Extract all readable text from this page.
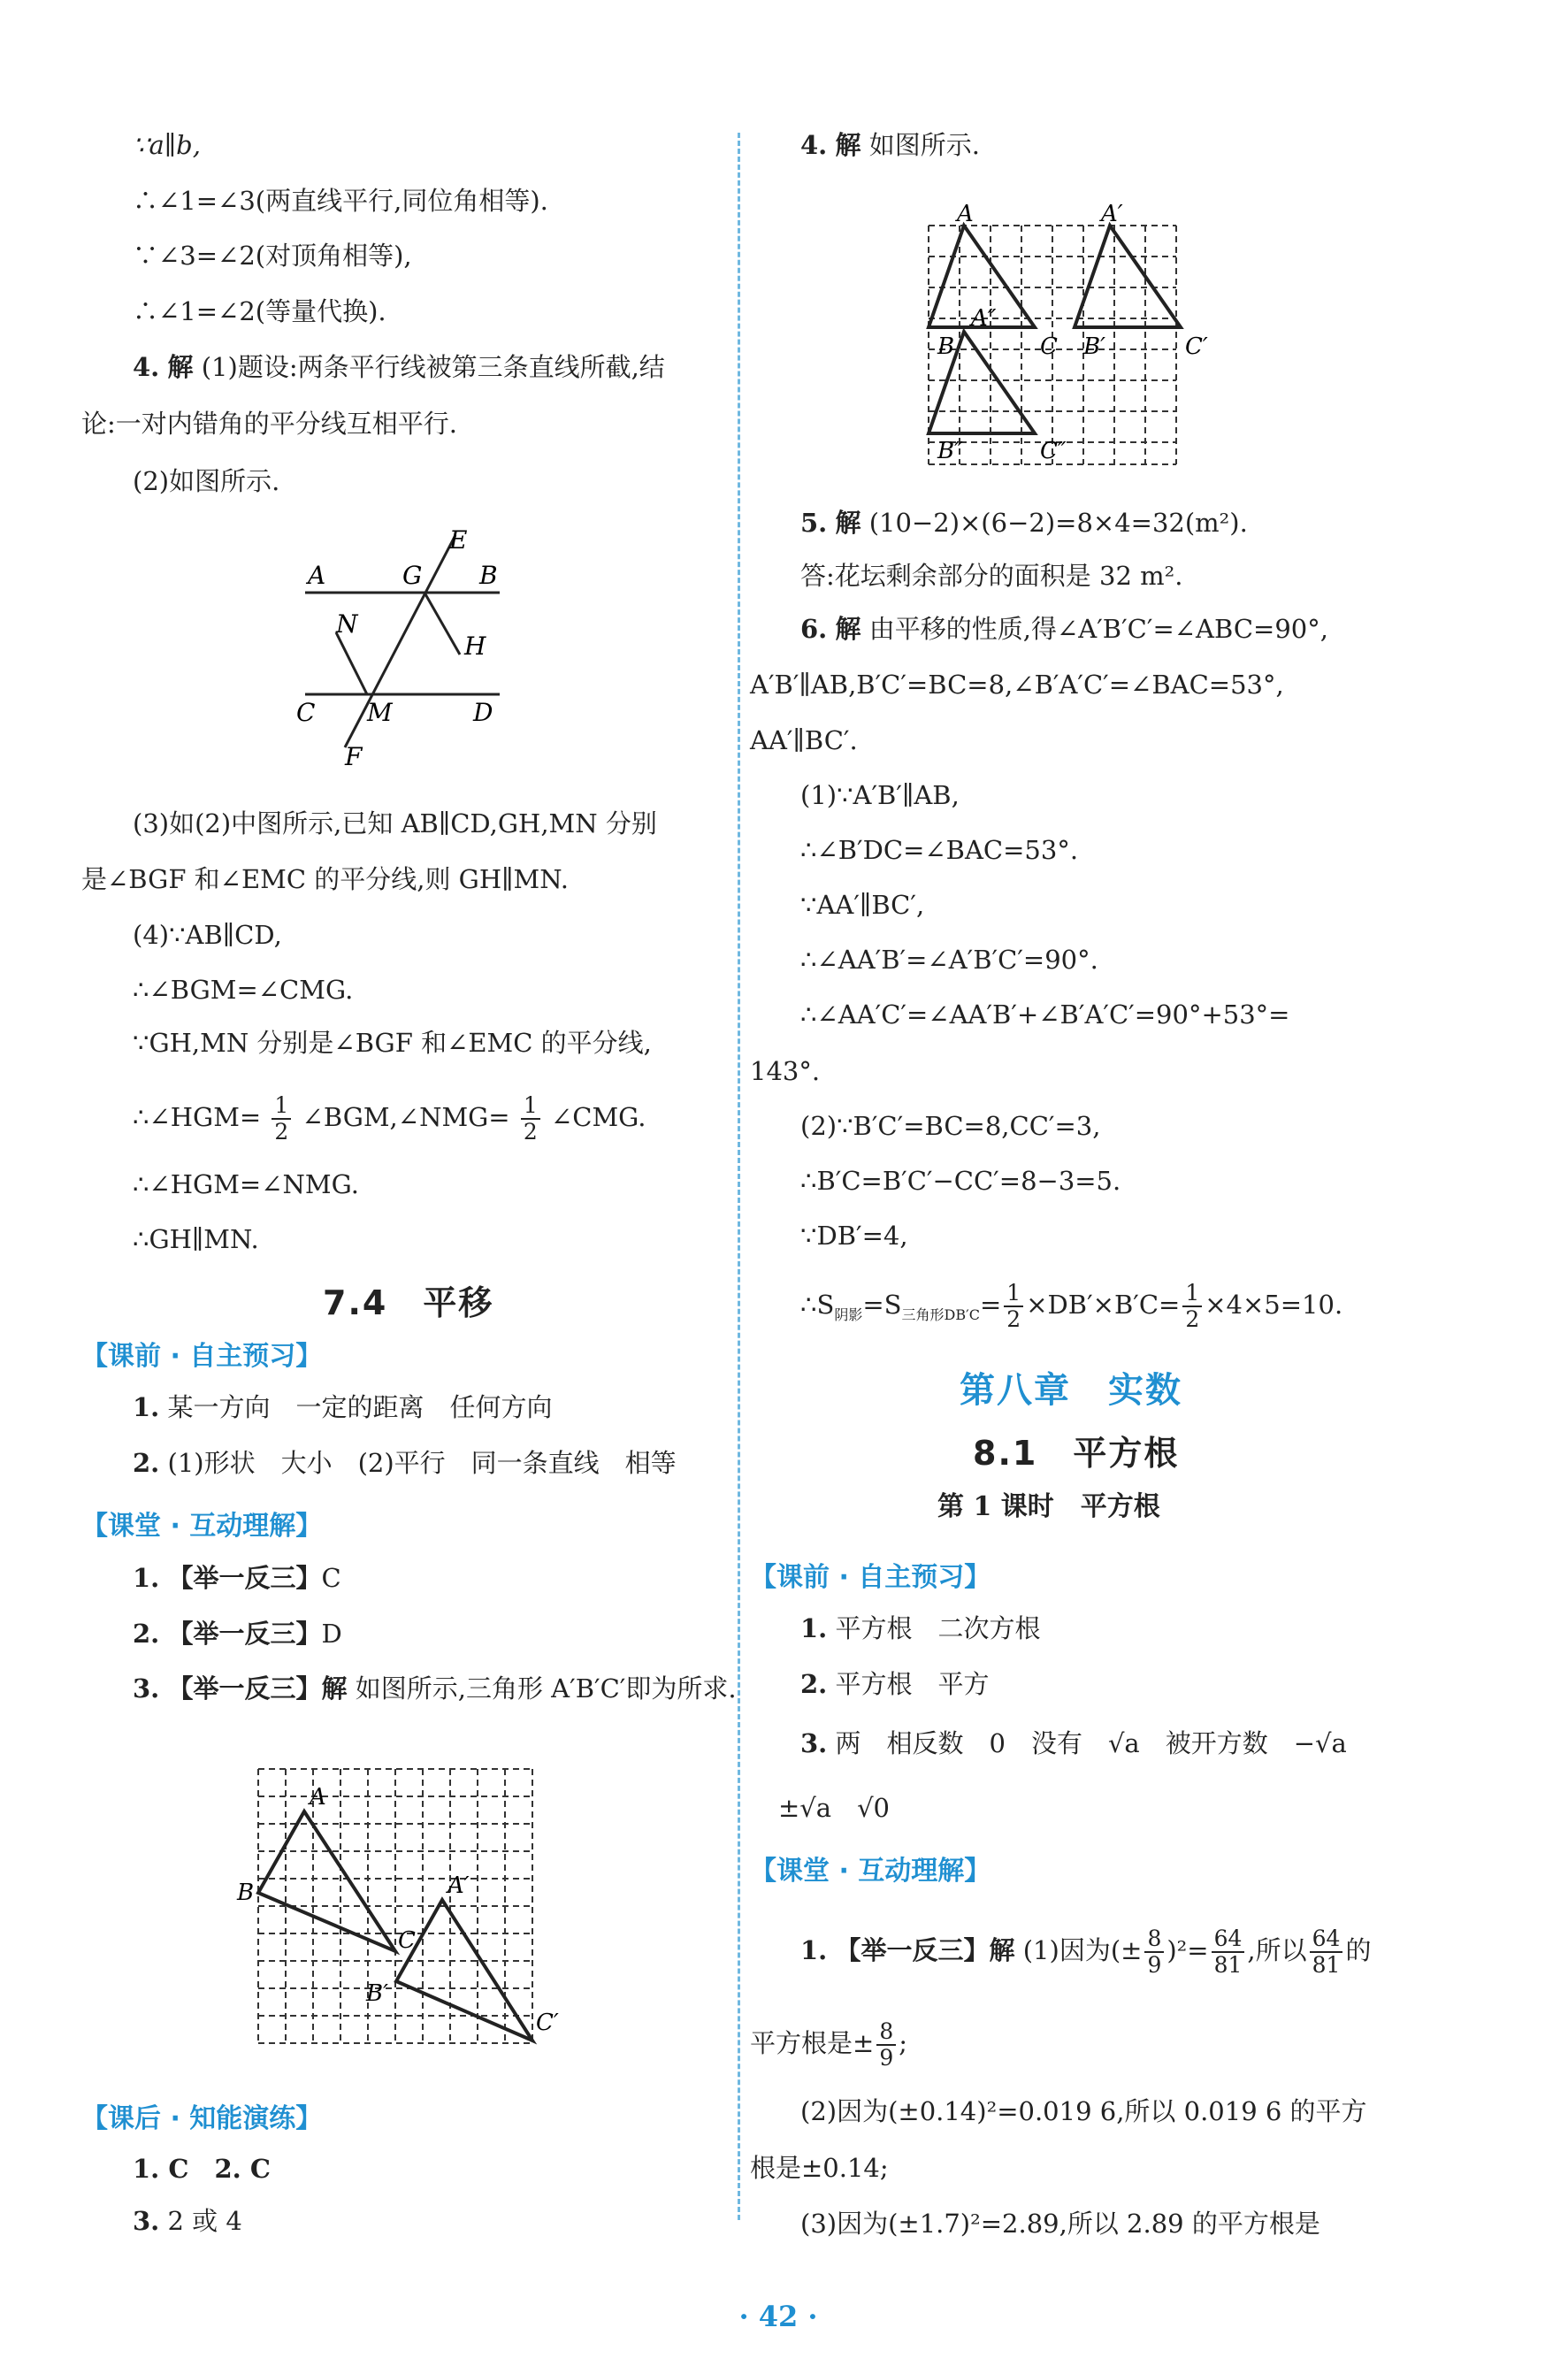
∵a∥b,
∴∠1=∠3(两直线平行,同位角相等).
∵∠3=∠2(对顶角相等),
∴∠1=∠2(等量代换).
4. 解 (1)题设:两条平行线被第三条直线所截,结
论:一对内错角的平分线互相平行.
(2)如图所示.
A	G
E
B
N
H
C M	D
F
(3)如(2)中图所示,已知 AB∥CD,GH,MN 分别
是∠BGF 和∠EMC 的平分线,则 GH∥MN.
(4)∵AB∥CD,
∴∠BGM=∠CMG.
∵GH,MN 分别是∠BGF 和∠EMC 的平分线,
∴∠HGM= $\frac{1}{2}$ ∠BGM,∠NMG= $\frac{1}{2}$ ∠CMG.
∴∠HGM=∠NMG.
∴GH∥MN.
7.4　平移
【课前 · 自主预习】
1. 某一方向　一定的距离　任何方向
2. (1)形状　大小　(2)平行　同一条直线　相等
【课堂 · 互动理解】
1. 【举一反三】C
2. 【举一反三】D
3. 【举一反三】解 如图所示,三角形 A′B′C′即为所求.
A
B
C
A′
B′
C′
【课后 · 知能演练】
1. C　2. C
3. 2 或 4
4. 解 如图所示.
A	A′
A″
B	C B′	C′
B″	C″
5. 解 (10−2)×(6−2)=8×4=32(m²).
答:花坛剩余部分的面积是 32 m².
6. 解 由平移的性质,得∠A′B′C′=∠ABC=90°,
A′B′∥AB,B′C′=BC=8,∠B′A′C′=∠BAC=53°,
AA′∥BC′.
(1)∵A′B′∥AB,
∴∠B′DC=∠BAC=53°.
∵AA′∥BC′,
∴∠AA′B′=∠A′B′C′=90°.
∴∠AA′C′=∠AA′B′+∠B′A′C′=90°+53°=
143°.
(2)∵B′C′=BC=8,CC′=3,
∴B′C=B′C′−CC′=8−3=5.
∵DB′=4,
$\therefore S_{阴影}=S_{三角形DB'C}= \frac{1}{2} \times DB'\times B'C= \frac{1}{2} \times 4\times 5=10$.
第八章　实数
8.1　平方根
第 1 课时　平方根
【课前 · 自主预习】
1. 平方根　二次方根
2. 平方根　平方
3. 两　相反数　0　没有　√a　被开方数　−√a
±√a　√0
【课堂 · 互动理解】
1. 【举一反三】解 (1)因为(± $\frac{8}{9} )^2= \frac{64}{81}$ ,所以 $\frac{64}{81}$ 的
平方根是± $\frac{8}{9}$ ;
(2)因为(±0.14)²=0.019 6,所以 0.019 6 的平方
根是±0.14;
(3)因为(±1.7)²=2.89,所以 2.89 的平方根是
· 42 ·
